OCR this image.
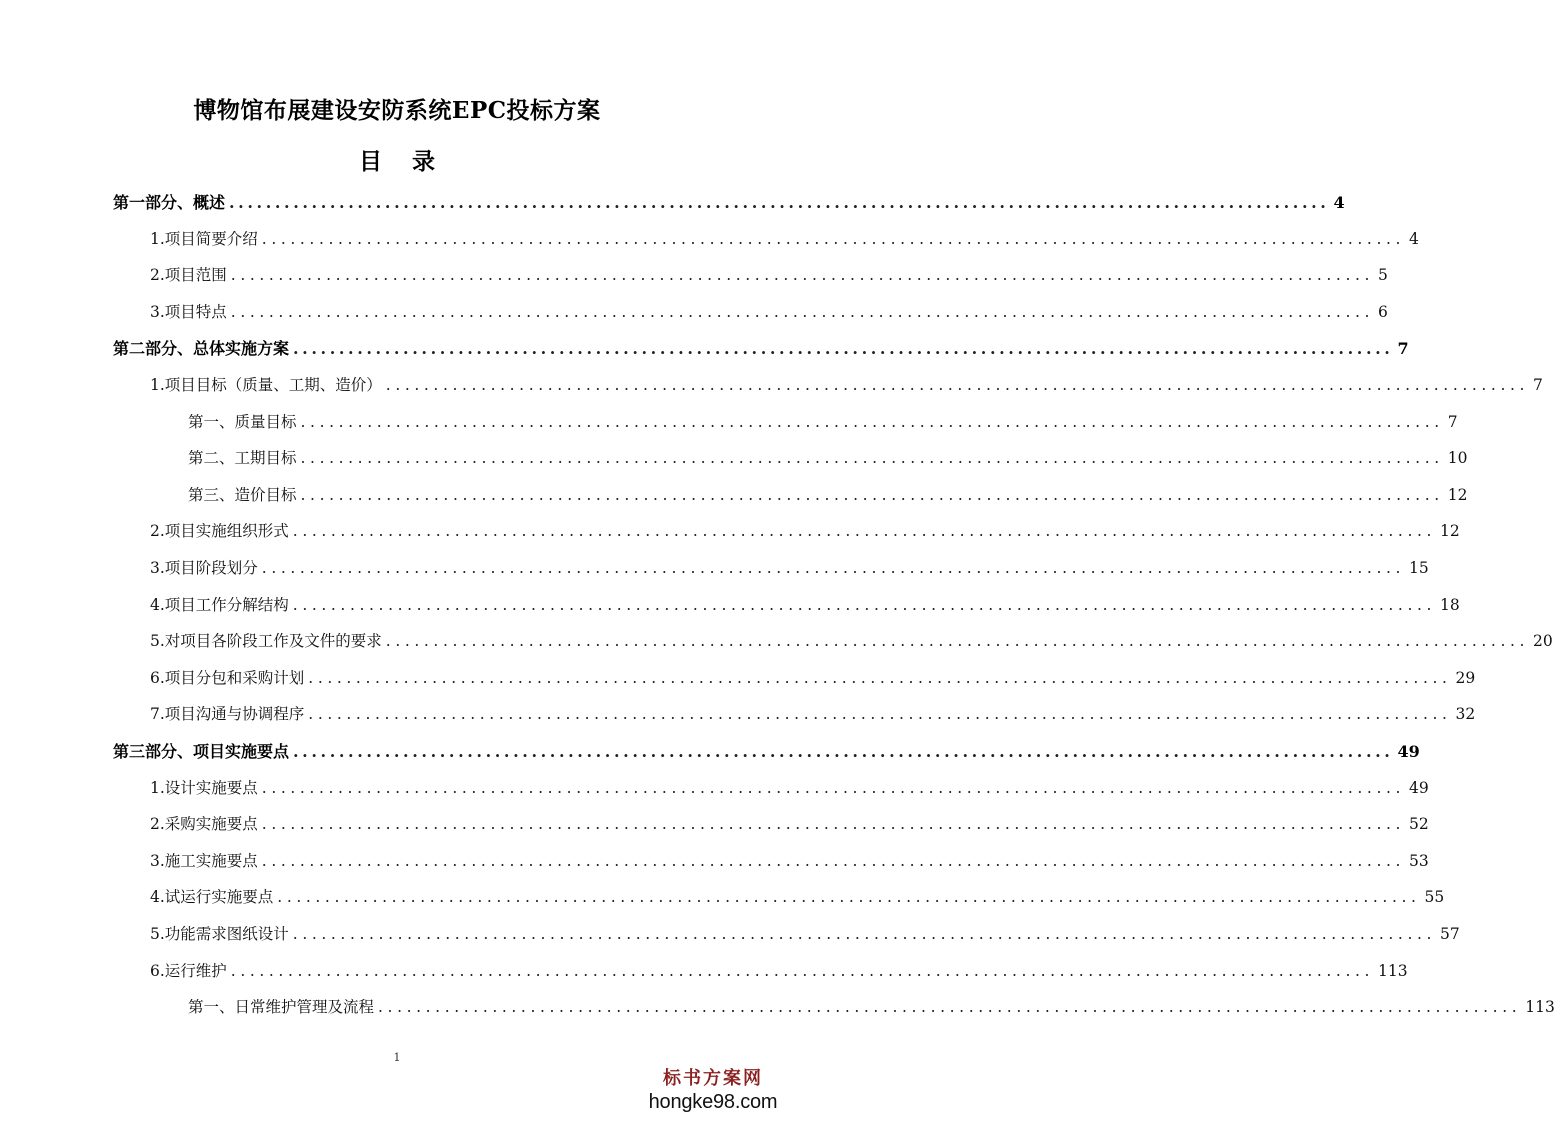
博物馆布展建设安防系统EPC投标方案
目录
第一部分、概述 ........................................................................................................................ 4
1.项目简要介绍 ........................................................................................................................ 4
2.项目范围 ........................................................................................................................ 5
3.项目特点 ........................................................................................................................ 6
第二部分、总体实施方案 ........................................................................................................................ 7
1.项目目标（质量、工期、造价） ........................................................................................................................ 7
第一、质量目标 ........................................................................................................................ 7
第二、工期目标 ........................................................................................................................ 10
第三、造价目标 ........................................................................................................................ 12
2.项目实施组织形式 ........................................................................................................................ 12
3.项目阶段划分 ........................................................................................................................ 15
4.项目工作分解结构 ........................................................................................................................ 18
5.对项目各阶段工作及文件的要求 ........................................................................................................................ 20
6.项目分包和采购计划 ........................................................................................................................ 29
7.项目沟通与协调程序 ........................................................................................................................ 32
第三部分、项目实施要点 ........................................................................................................................ 49
1.设计实施要点 ........................................................................................................................ 49
2.采购实施要点 ........................................................................................................................ 52
3.施工实施要点 ........................................................................................................................ 53
4.试运行实施要点 ........................................................................................................................ 55
5.功能需求图纸设计 ........................................................................................................................ 57
6.运行维护 ........................................................................................................................ 113
第一、日常维护管理及流程 ........................................................................................................................ 113
1
标书方案网
hongke98.com
